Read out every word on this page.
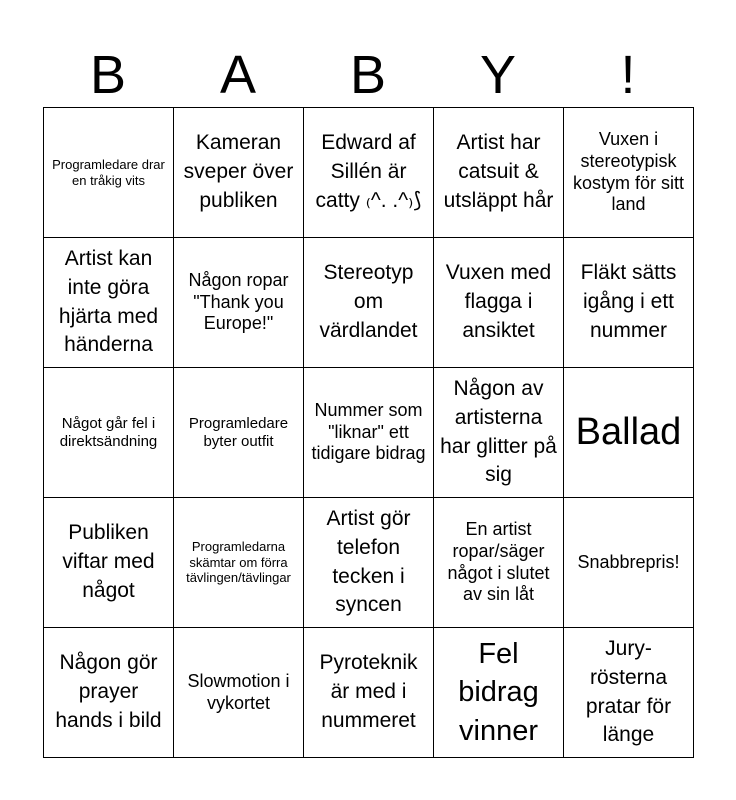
B	A	B	Y	!
Programledare drar en tråkig vits	Kameran sveper över publiken	Edward af Sillén är catty ₍^. .^₎⟆	Artist har catsuit & utsläppt hår	Vuxen i stereotypisk kostym för sitt land
Artist kan inte göra hjärta med händerna	Någon ropar "Thank you Europe!"	Stereotyp om värdlandet	Vuxen med flagga i ansiktet	Fläkt sätts igång i ett nummer
Något går fel i direktsändning	Programledare byter outfit	Nummer som "liknar" ett tidigare bidrag	Någon av artisterna har glitter på sig	Ballad
Publiken viftar med något	Programledarna skämtar om förra tävlingen/tävlingar	Artist gör telefon tecken i syncen	En artist ropar/säger något i slutet av sin låt	Snabbrepris!
Någon gör prayer hands i bild	Slowmotion i vykortet	Pyroteknik är med i nummeret	Fel bidrag vinner	Jury-rösterna pratar för länge
